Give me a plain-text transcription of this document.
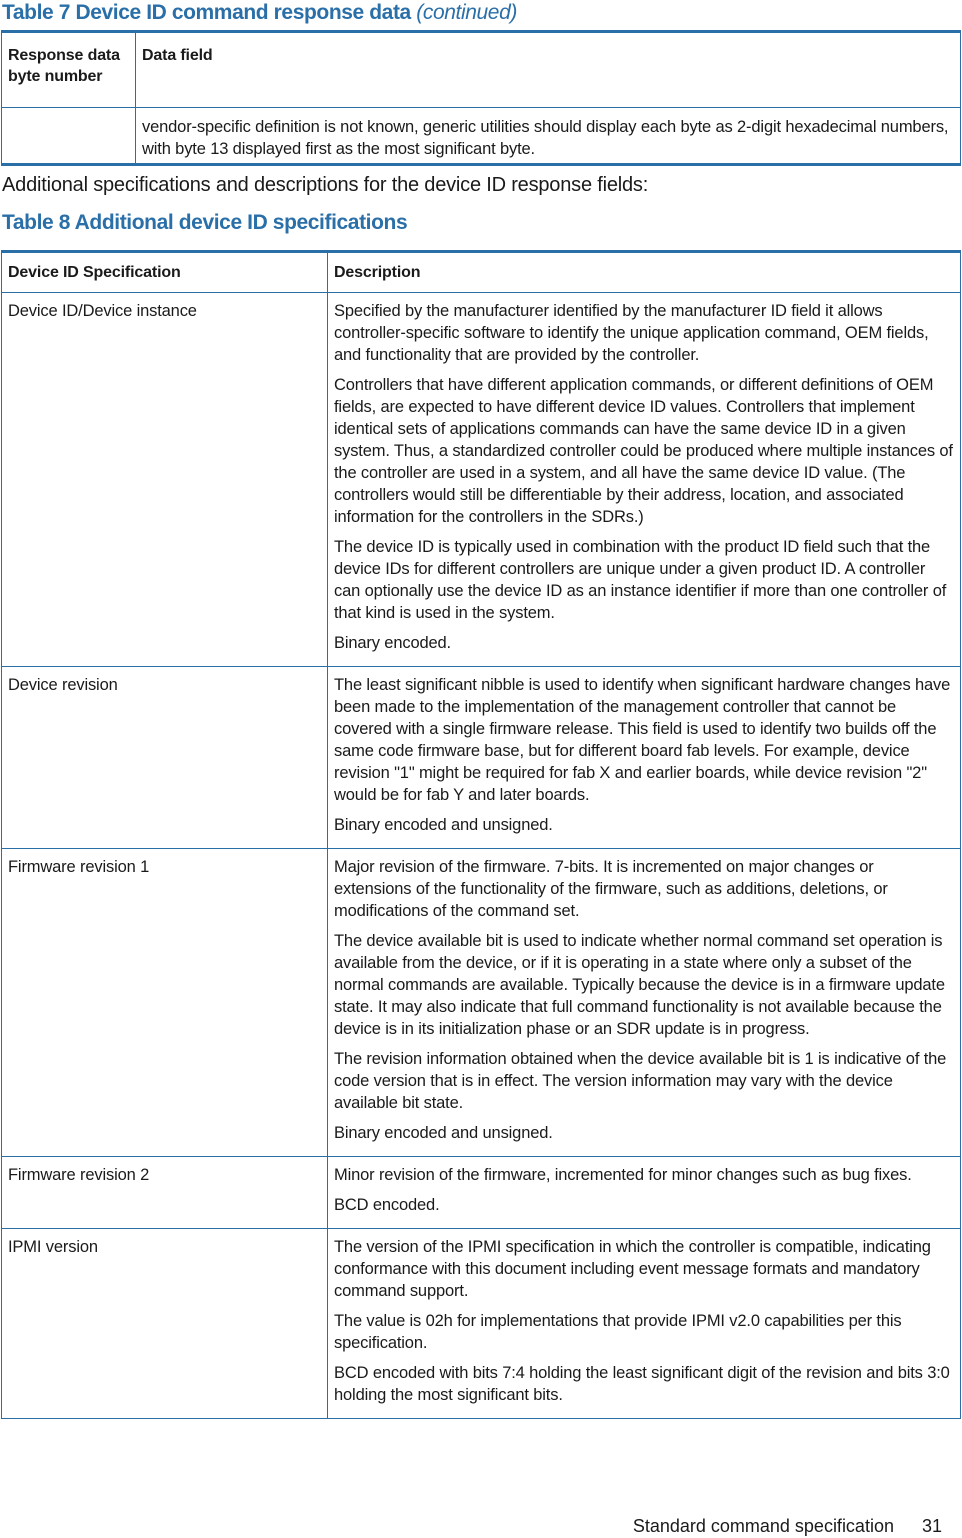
Table 7 Device ID command response data (continued)
Response data byte number	Data field
	vendor-specific definition is not known, generic utilities should display each byte as 2-digit hexadecimal numbers, with byte 13 displayed first as the most significant byte.

Additional specifications and descriptions for the device ID response fields:

Table 8 Additional device ID specifications
Device ID Specification	Description
Device ID/Device instance	Specified by the manufacturer identified by the manufacturer ID field it allows controller-specific software to identify the unique application command, OEM fields, and functionality that are provided by the controller.

Controllers that have different application commands, or different definitions of OEM fields, are expected to have different device ID values. Controllers that implement identical sets of applications commands can have the same device ID in a given system. Thus, a standardized controller could be produced where multiple instances of the controller are used in a system, and all have the same device ID value. (The controllers would still be differentiable by their address, location, and associated information for the controllers in the SDRs.)

The device ID is typically used in combination with the product ID field such that the device IDs for different controllers are unique under a given product ID. A controller can optionally use the device ID as an instance identifier if more than one controller of that kind is used in the system.

Binary encoded.

Device revision	The least significant nibble is used to identify when significant hardware changes have been made to the implementation of the management controller that cannot be covered with a single firmware release. This field is used to identify two builds off the same code firmware base, but for different board fab levels. For example, device revision "1" might be required for fab X and earlier boards, while device revision "2" would be for fab Y and later boards.

Binary encoded and unsigned.

Firmware revision 1	Major revision of the firmware. 7-bits. It is incremented on major changes or extensions of the functionality of the firmware, such as additions, deletions, or modifications of the command set.

The device available bit is used to indicate whether normal command set operation is available from the device, or if it is operating in a state where only a subset of the normal commands are available. Typically because the device is in a firmware update state. It may also indicate that full command functionality is not available because the device is in its initialization phase or an SDR update is in progress.

The revision information obtained when the device available bit is 1 is indicative of the code version that is in effect. The version information may vary with the device available bit state.

Binary encoded and unsigned.

Firmware revision 2	Minor revision of the firmware, incremented for minor changes such as bug fixes.

BCD encoded.

IPMI version	The version of the IPMI specification in which the controller is compatible, indicating conformance with this document including event message formats and mandatory command support.

The value is 02h for implementations that provide IPMI v2.0 capabilities per this specification.

BCD encoded with bits 7:4 holding the least significant digit of the revision and bits 3:0 holding the most significant bits.

Standard command specification 31
